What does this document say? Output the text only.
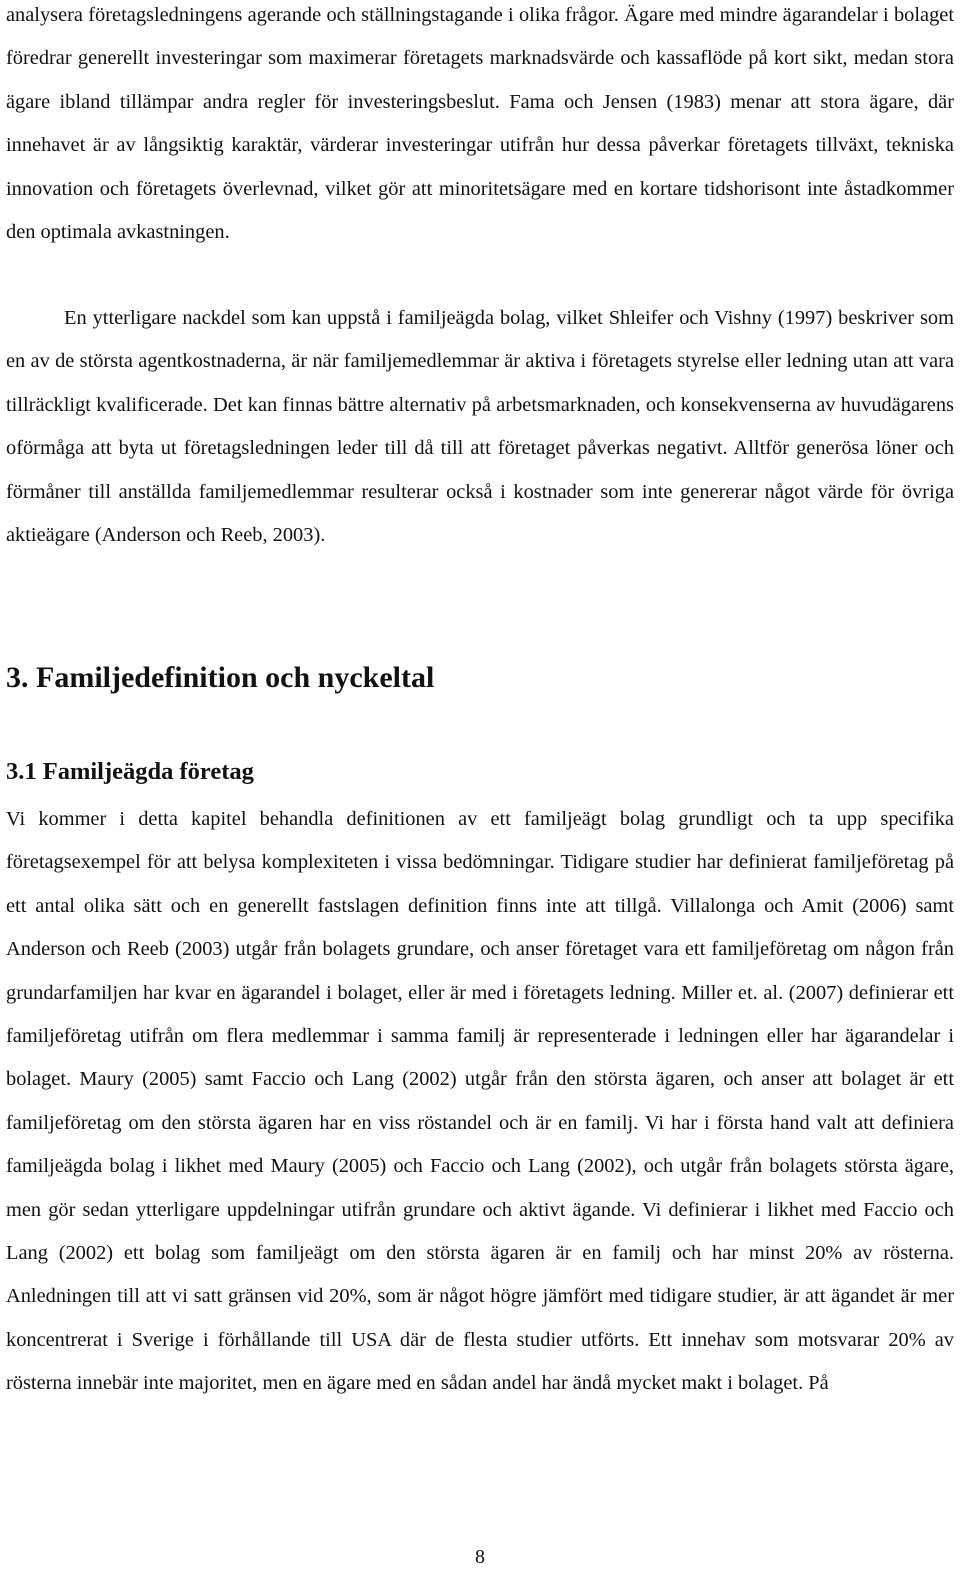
analysera företagsledningens agerande och ställningstagande i olika frågor. Ägare med mindre ägarandelar i bolaget föredrar generellt investeringar som maximerar företagets marknadsvärde och kassaflöde på kort sikt, medan stora ägare ibland tillämpar andra regler för investeringsbeslut. Fama och Jensen (1983) menar att stora ägare, där innehavet är av långsiktig karaktär, värderar investeringar utifrån hur dessa påverkar företagets tillväxt, tekniska innovation och företagets överlevnad, vilket gör att minoritetsägare med en kortare tidshorisont inte åstadkommer den optimala avkastningen.

En ytterligare nackdel som kan uppstå i familjeägda bolag, vilket Shleifer och Vishny (1997) beskriver som en av de största agentkostnaderna, är när familjemedlemmar är aktiva i företagets styrelse eller ledning utan att vara tillräckligt kvalificerade. Det kan finnas bättre alternativ på arbetsmarknaden, och konsekvenserna av huvudägarens oförmåga att byta ut företagsledningen leder till då till att företaget påverkas negativt. Alltför generösa löner och förmåner till anställda familjemedlemmar resulterar också i kostnader som inte genererar något värde för övriga aktieägare (Anderson och Reeb, 2003).

3. Familjedefinition och nyckeltal
3.1 Familjeägda företag

Vi kommer i detta kapitel behandla definitionen av ett familjeägt bolag grundligt och ta upp specifika företagsexempel för att belysa komplexiteten i vissa bedömningar. Tidigare studier har definierat familjeföretag på ett antal olika sätt och en generellt fastslagen definition finns inte att tillgå. Villalonga och Amit (2006) samt Anderson och Reeb (2003) utgår från bolagets grundare, och anser företaget vara ett familjeföretag om någon från grundarfamiljen har kvar en ägarandel i bolaget, eller är med i företagets ledning. Miller et. al. (2007) definierar ett familjeföretag utifrån om flera medlemmar i samma familj är representerade i ledningen eller har ägarandelar i bolaget. Maury (2005) samt Faccio och Lang (2002) utgår från den största ägaren, och anser att bolaget är ett familjeföretag om den största ägaren har en viss röstandel och är en familj. Vi har i första hand valt att definiera familjeägda bolag i likhet med Maury (2005) och Faccio och Lang (2002), och utgår från bolagets största ägare, men gör sedan ytterligare uppdelningar utifrån grundare och aktivt ägande. Vi definierar i likhet med Faccio och Lang (2002) ett bolag som familjeägt om den största ägaren är en familj och har minst 20% av rösterna. Anledningen till att vi satt gränsen vid 20%, som är något högre jämfört med tidigare studier, är att ägandet är mer koncentrerat i Sverige i förhållande till USA där de flesta studier utförts. Ett innehav som motsvarar 20% av rösterna innebär inte majoritet, men en ägare med en sådan andel har ändå mycket makt i bolaget. På

8
